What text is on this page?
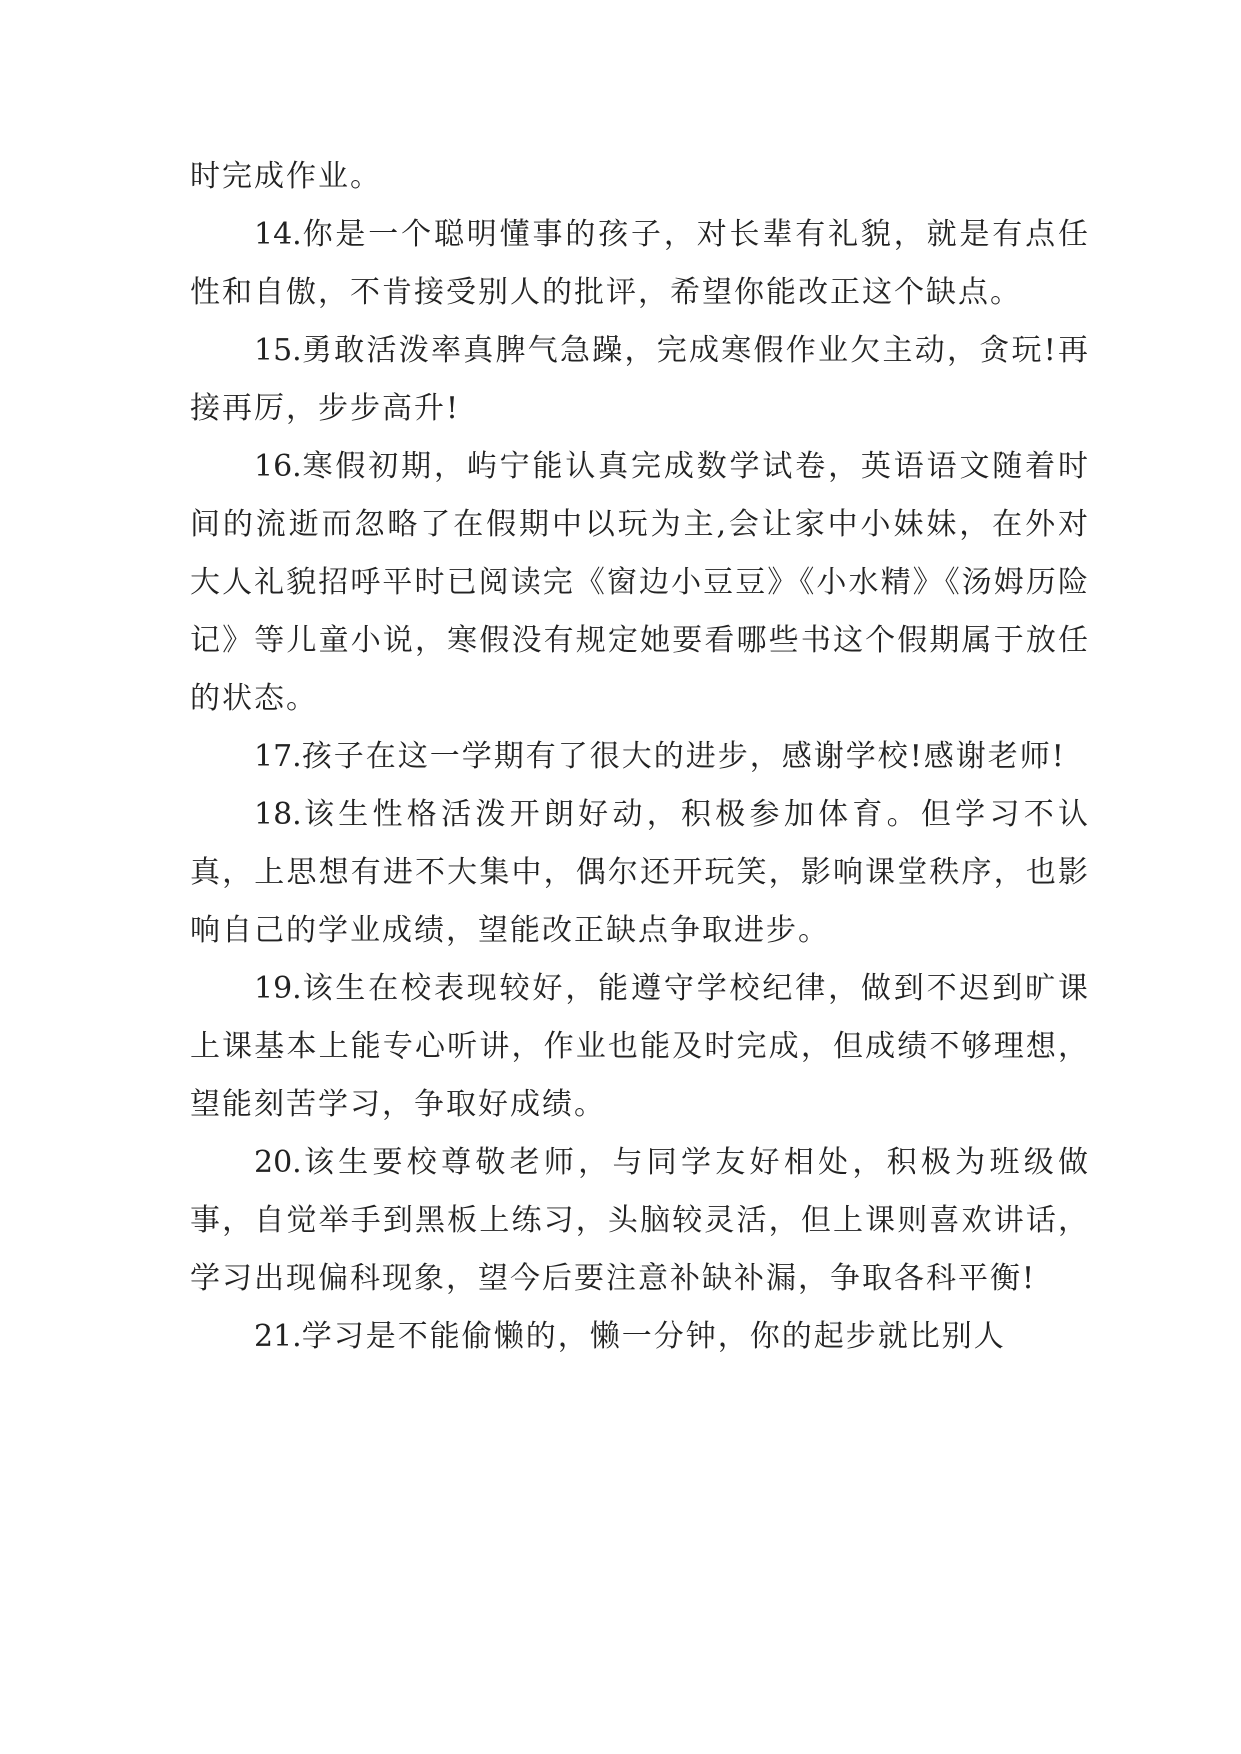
时完成作业。

14.你是一个聪明懂事的孩子，对长辈有礼貌，就是有点任性和自傲，不肯接受别人的批评，希望你能改正这个缺点。

15.勇敢活泼率真脾气急躁，完成寒假作业欠主动，贪玩!再接再厉，步步高升!

16.寒假初期，屿宁能认真完成数学试卷，英语语文随着时间的流逝而忽略了在假期中以玩为主,会让家中小妹妹，在外对大人礼貌招呼平时已阅读完《窗边小豆豆》《小水精》《汤姆历险记》等儿童小说，寒假没有规定她要看哪些书这个假期属于放任的状态。

17.孩子在这一学期有了很大的进步，感谢学校!感谢老师!

18.该生性格活泼开朗好动，积极参加体育。但学习不认真，上思想有进不大集中，偶尔还开玩笑，影响课堂秩序，也影响自己的学业成绩，望能改正缺点争取进步。

19.该生在校表现较好，能遵守学校纪律，做到不迟到旷课上课基本上能专心听讲，作业也能及时完成，但成绩不够理想，望能刻苦学习，争取好成绩。

20.该生要校尊敬老师，与同学友好相处，积极为班级做事，自觉举手到黑板上练习，头脑较灵活，但上课则喜欢讲话，学习出现偏科现象，望今后要注意补缺补漏，争取各科平衡!

21.学习是不能偷懒的，懒一分钟，你的起步就比别人
